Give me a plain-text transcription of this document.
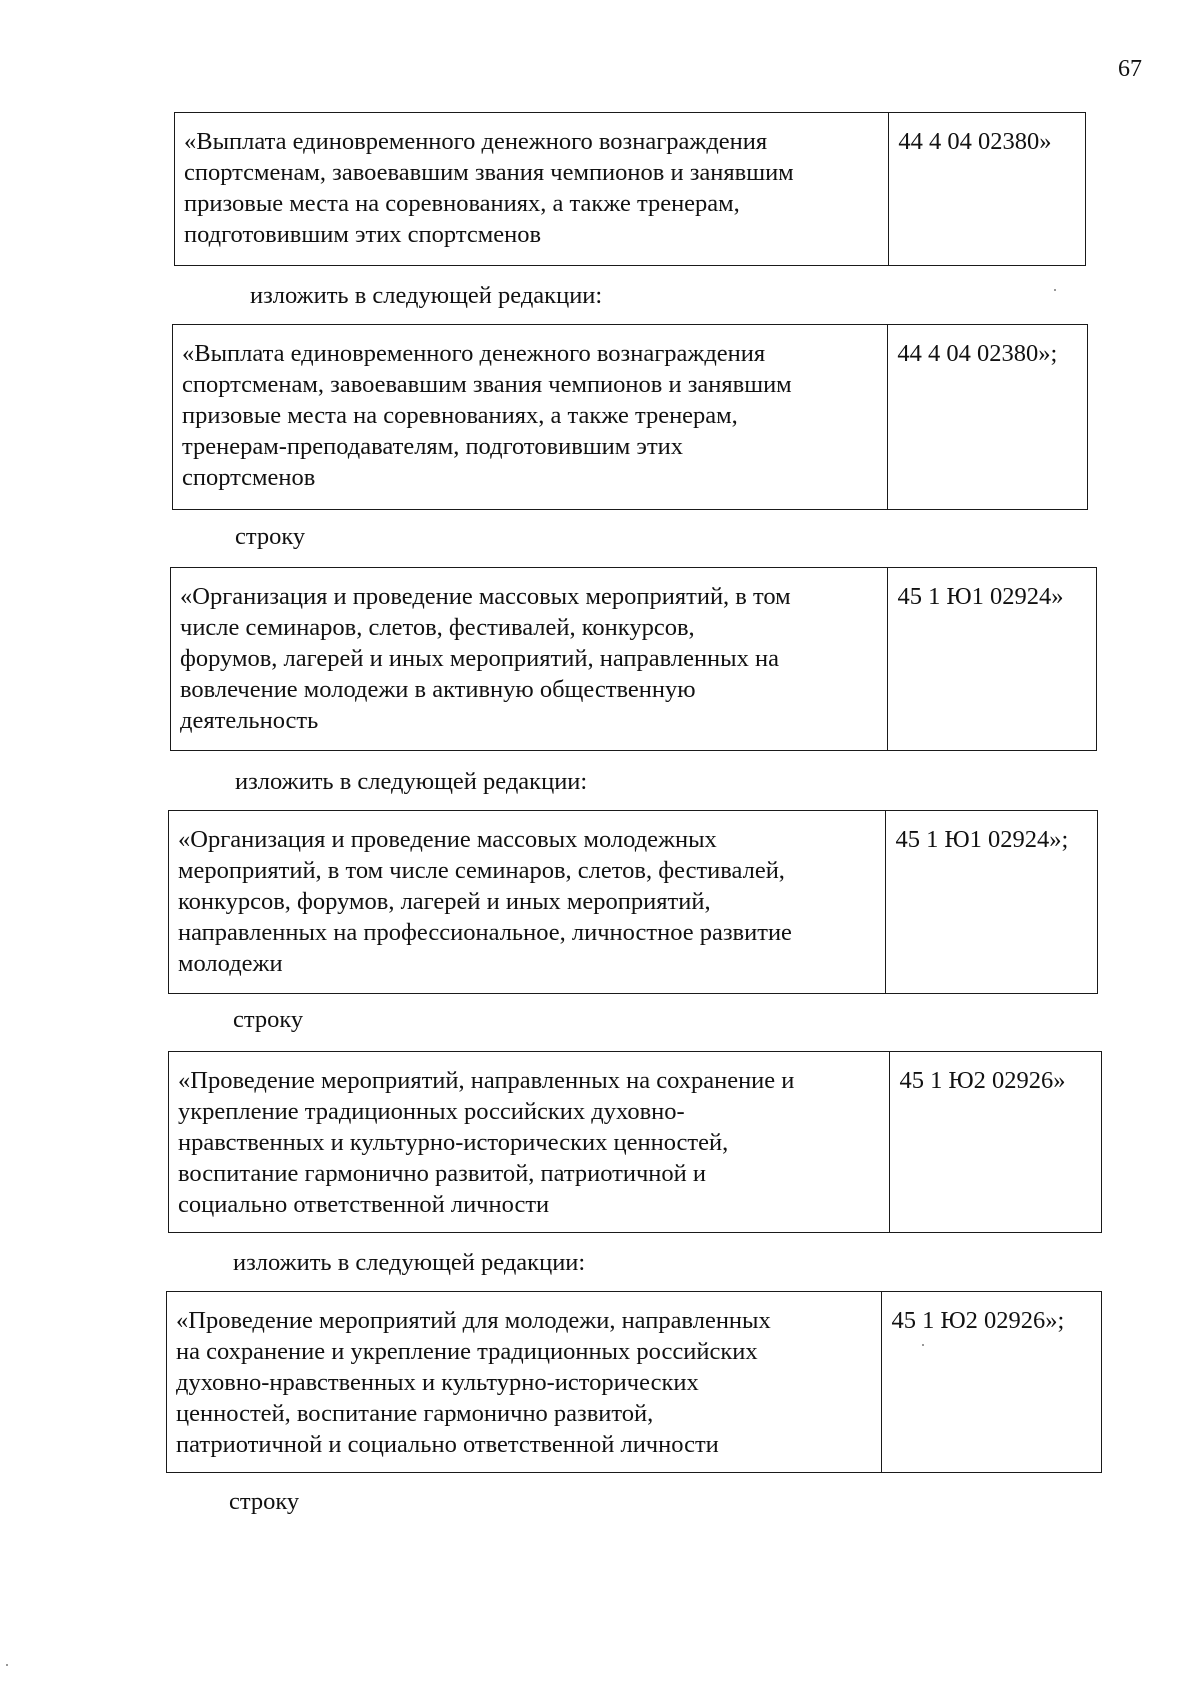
67
«Выплата единовременного денежного вознаграждения
спортсменам, завоевавшим звания чемпионов и занявшим
призовые места на соревнованиях, а также тренерам,
подготовившим этих спортсменов
44 4 04 02380»
изложить в следующей редакции:
«Выплата единовременного денежного вознаграждения
спортсменам, завоевавшим звания чемпионов и занявшим
призовые места на соревнованиях, а также тренерам,
тренерам-преподавателям, подготовившим этих
спортсменов
44 4 04 02380»;
строку
«Организация и проведение массовых мероприятий, в том
числе семинаров, слетов, фестивалей, конкурсов,
форумов, лагерей и иных мероприятий, направленных на
вовлечение молодежи в активную общественную
деятельность
45 1 Ю1 02924»
изложить в следующей редакции:
«Организация и проведение массовых молодежных
мероприятий, в том числе семинаров, слетов, фестивалей,
конкурсов, форумов, лагерей и иных мероприятий,
направленных на профессиональное, личностное развитие
молодежи
45 1 Ю1 02924»;
строку
«Проведение мероприятий, направленных на сохранение и
укрепление традиционных российских духовно-
нравственных и культурно-исторических ценностей,
воспитание гармонично развитой, патриотичной и
социально ответственной личности
45 1 Ю2 02926»
изложить в следующей редакции:
«Проведение мероприятий для молодежи, направленных
на сохранение и укрепление традиционных российских
духовно-нравственных и культурно-исторических
ценностей, воспитание гармонично развитой,
патриотичной и социально ответственной личности
45 1 Ю2 02926»;
строку
